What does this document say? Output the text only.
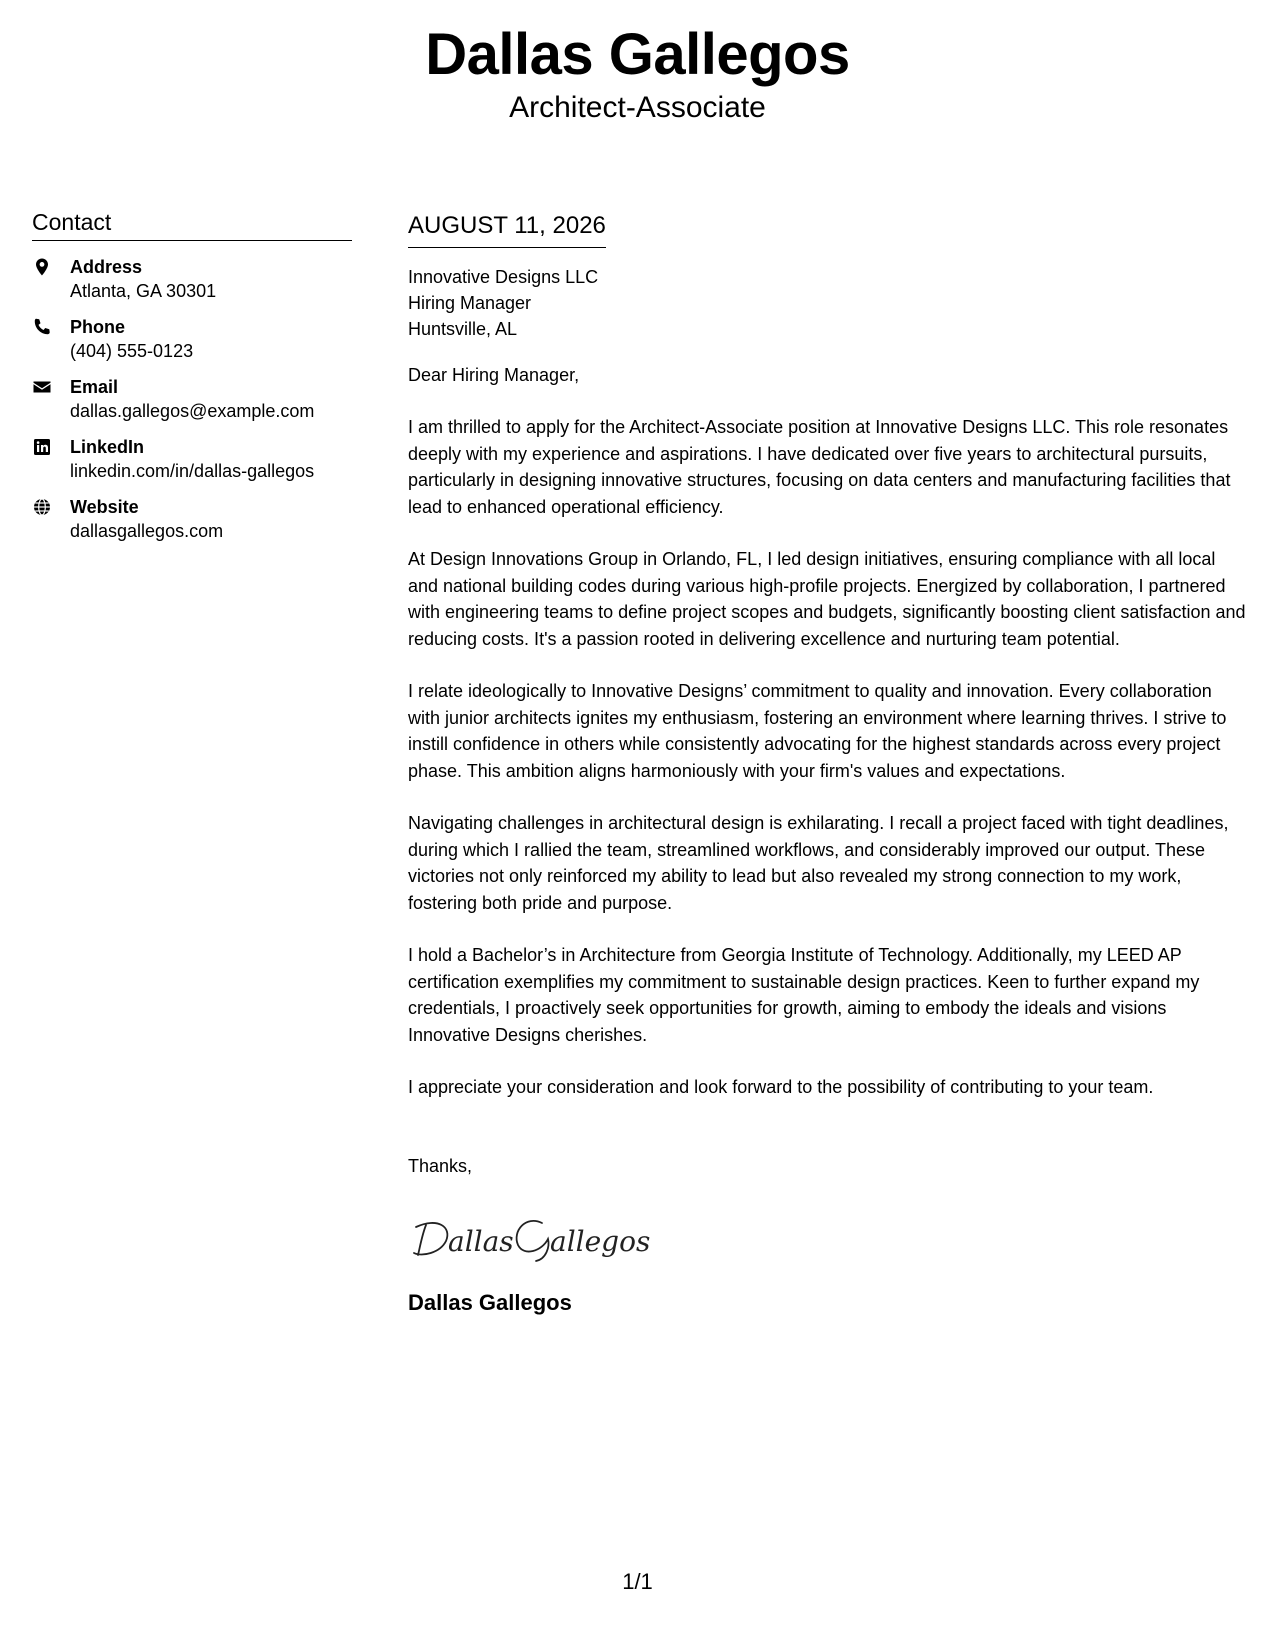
Dallas Gallegos
Architect-Associate
Contact
Address
Atlanta, GA 30301
Phone
(404) 555-0123
Email
dallas.gallegos@example.com
LinkedIn
linkedin.com/in/dallas-gallegos
Website
dallasgallegos.com
AUGUST 11, 2026
Innovative Designs LLC
Hiring Manager
Huntsville, AL
Dear Hiring Manager,
I am thrilled to apply for the Architect-Associate position at Innovative Designs LLC. This role resonates deeply with my experience and aspirations. I have dedicated over five years to architectural pursuits, particularly in designing innovative structures, focusing on data centers and manufacturing facilities that lead to enhanced operational efficiency.
At Design Innovations Group in Orlando, FL, I led design initiatives, ensuring compliance with all local and national building codes during various high-profile projects. Energized by collaboration, I partnered with engineering teams to define project scopes and budgets, significantly boosting client satisfaction and reducing costs. It's a passion rooted in delivering excellence and nurturing team potential.
I relate ideologically to Innovative Designs’ commitment to quality and innovation. Every collaboration with junior architects ignites my enthusiasm, fostering an environment where learning thrives. I strive to instill confidence in others while consistently advocating for the highest standards across every project phase. This ambition aligns harmoniously with your firm's values and expectations.
Navigating challenges in architectural design is exhilarating. I recall a project faced with tight deadlines, during which I rallied the team, streamlined workflows, and considerably improved our output. These victories not only reinforced my ability to lead but also revealed my strong connection to my work, fostering both pride and purpose.
I hold a Bachelor’s in Architecture from Georgia Institute of Technology. Additionally, my LEED AP certification exemplifies my commitment to sustainable design practices. Keen to further expand my credentials, I proactively seek opportunities for growth, aiming to embody the ideals and visions Innovative Designs cherishes.
I appreciate your consideration and look forward to the possibility of contributing to your team.
Thanks,
allas allegos
Dallas Gallegos
1/1
